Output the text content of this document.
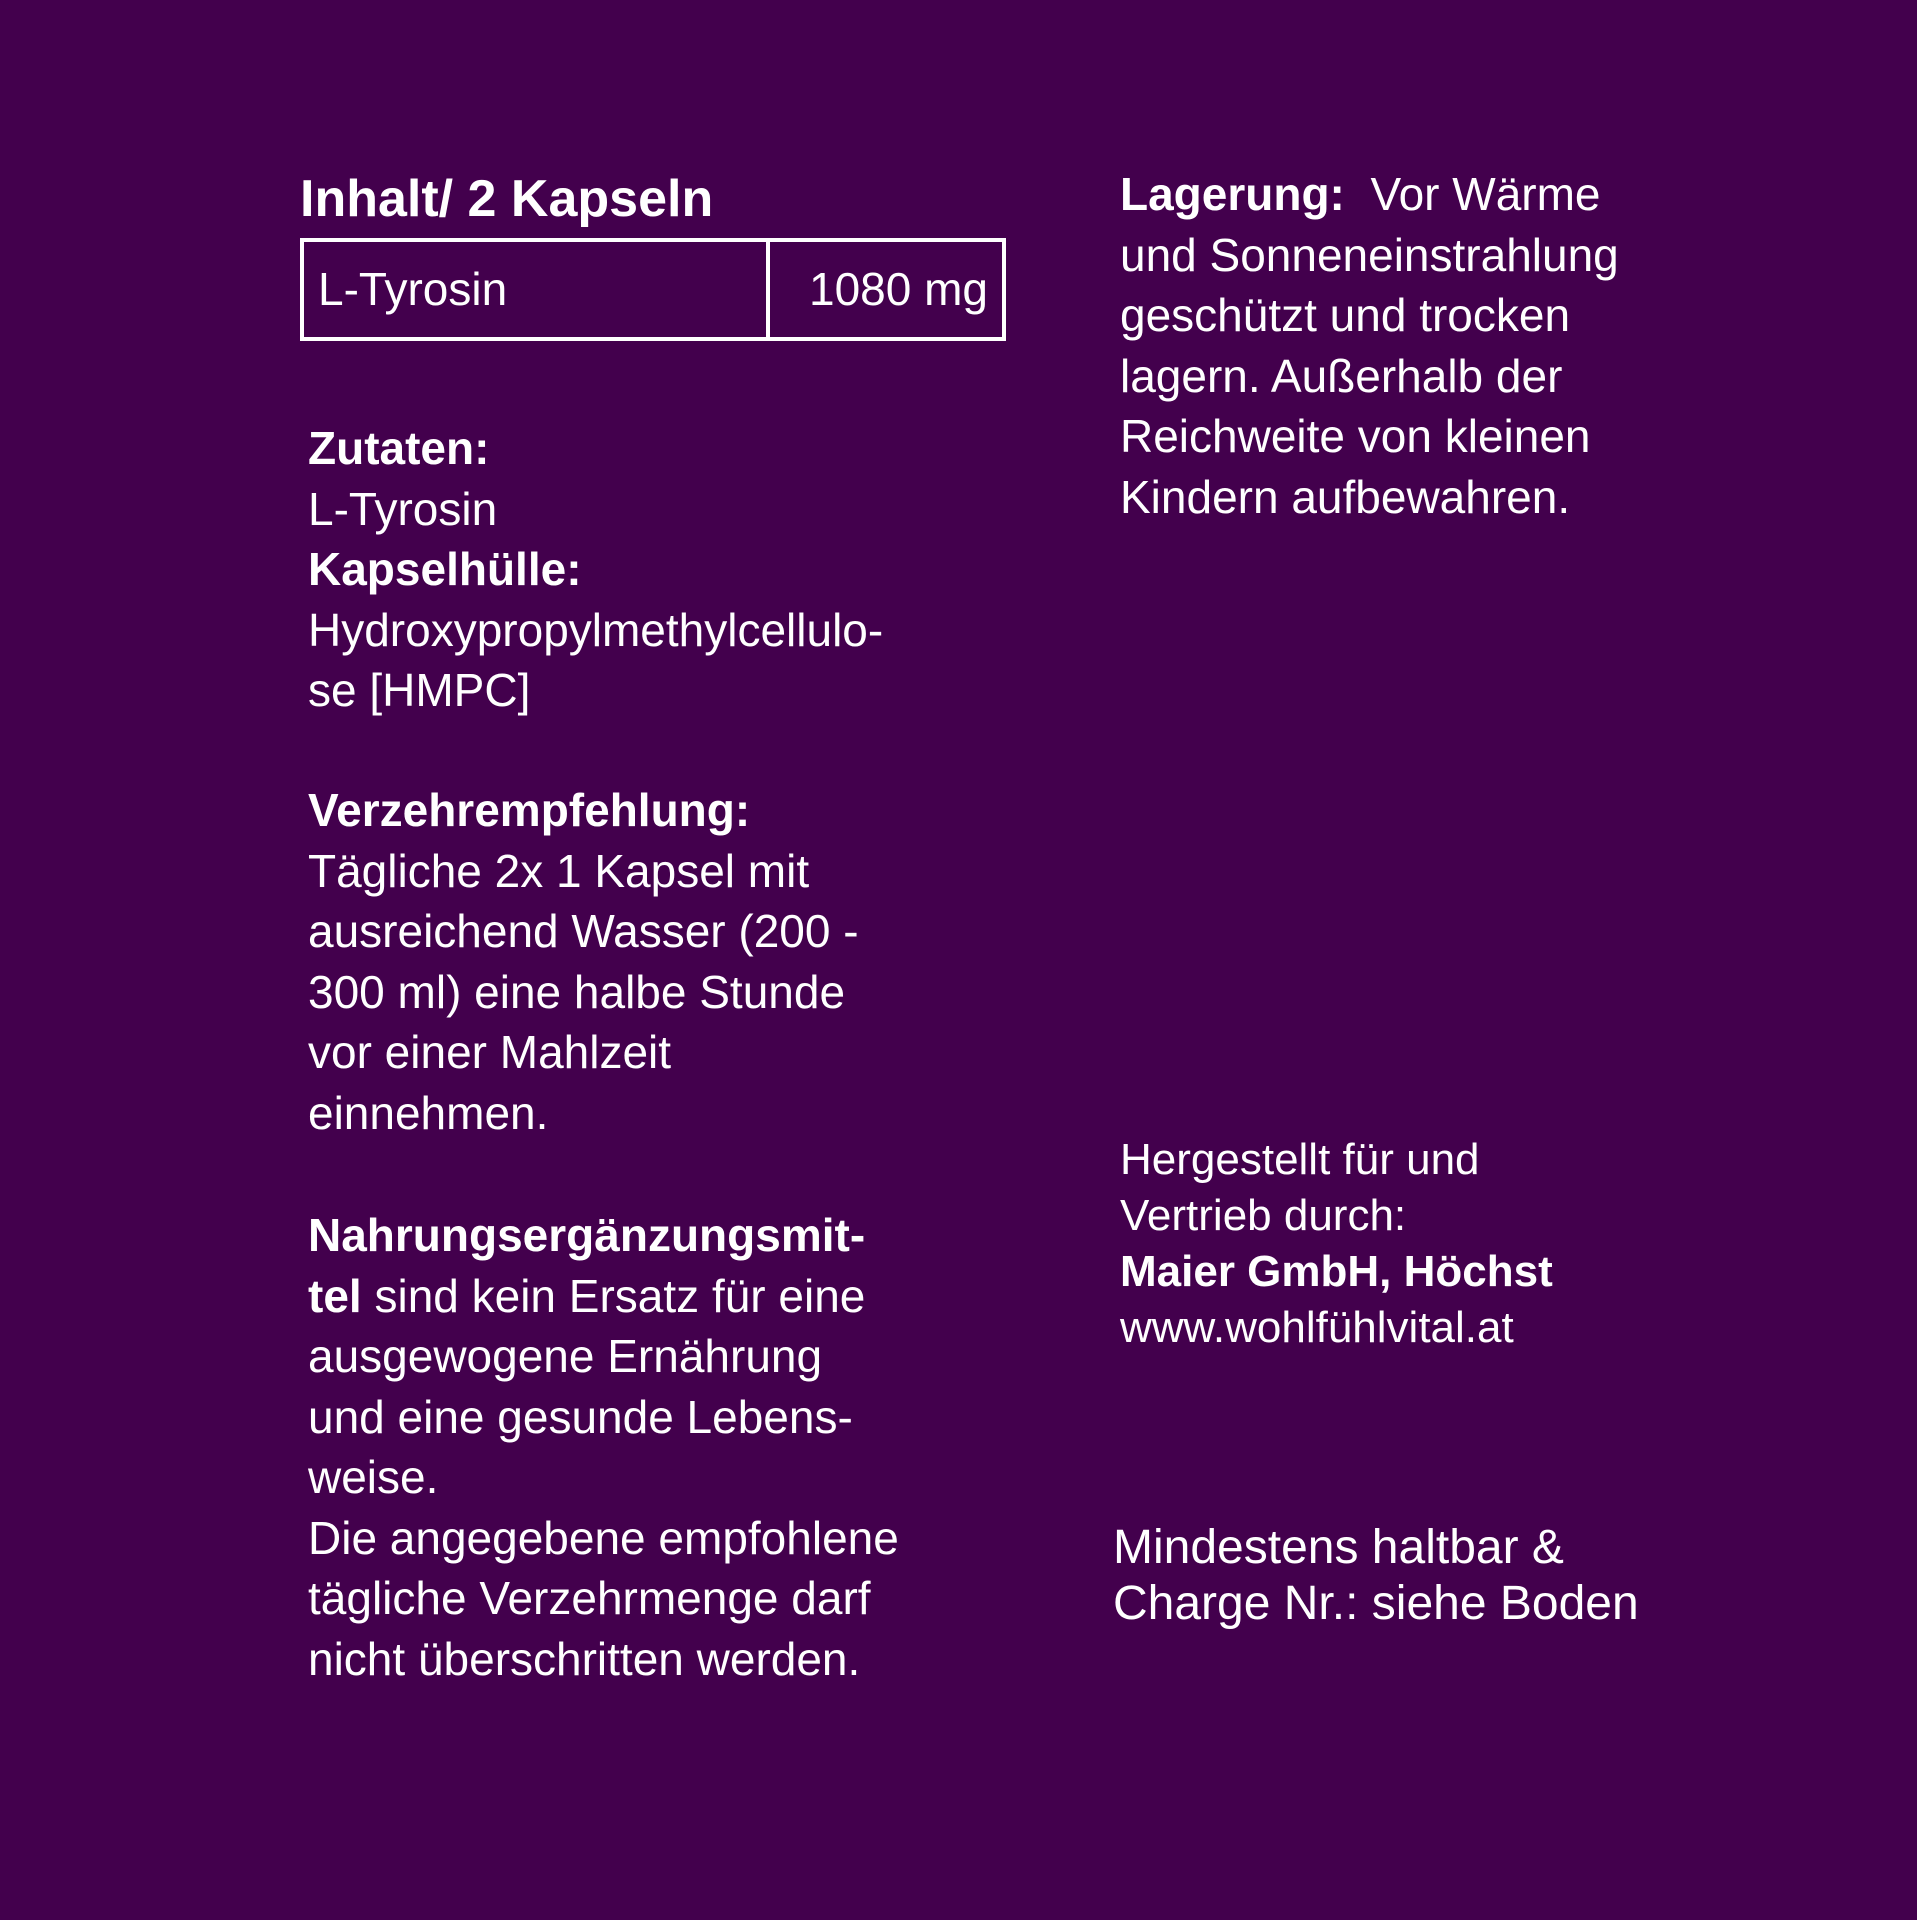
Inhalt/ 2 Kapseln
L-Tyrosin	1080 mg
Zutaten:
L-Tyrosin
Kapselhülle:
Hydroxypropylmethylcellulo-
se [HMPC]
Verzehrempfehlung:
Tägliche 2x 1 Kapsel mit
ausreichend Wasser (200 -
300 ml) eine halbe Stunde
vor einer Mahlzeit
einnehmen.
Nahrungsergänzungsmit-
tel sind kein Ersatz für eine
ausgewogene Ernährung
und eine gesunde Lebens-
weise.
Die angegebene empfohlene
tägliche Verzehrmenge darf
nicht überschritten werden.
Lagerung:  Vor Wärme
und Sonneneinstrahlung
geschützt und trocken
lagern. Außerhalb der
Reichweite von kleinen
Kindern aufbewahren.
Hergestellt für und
Vertrieb durch:
Maier GmbH, Höchst
www.wohlfühlvital.at
Mindestens haltbar &
Charge Nr.: siehe Boden
